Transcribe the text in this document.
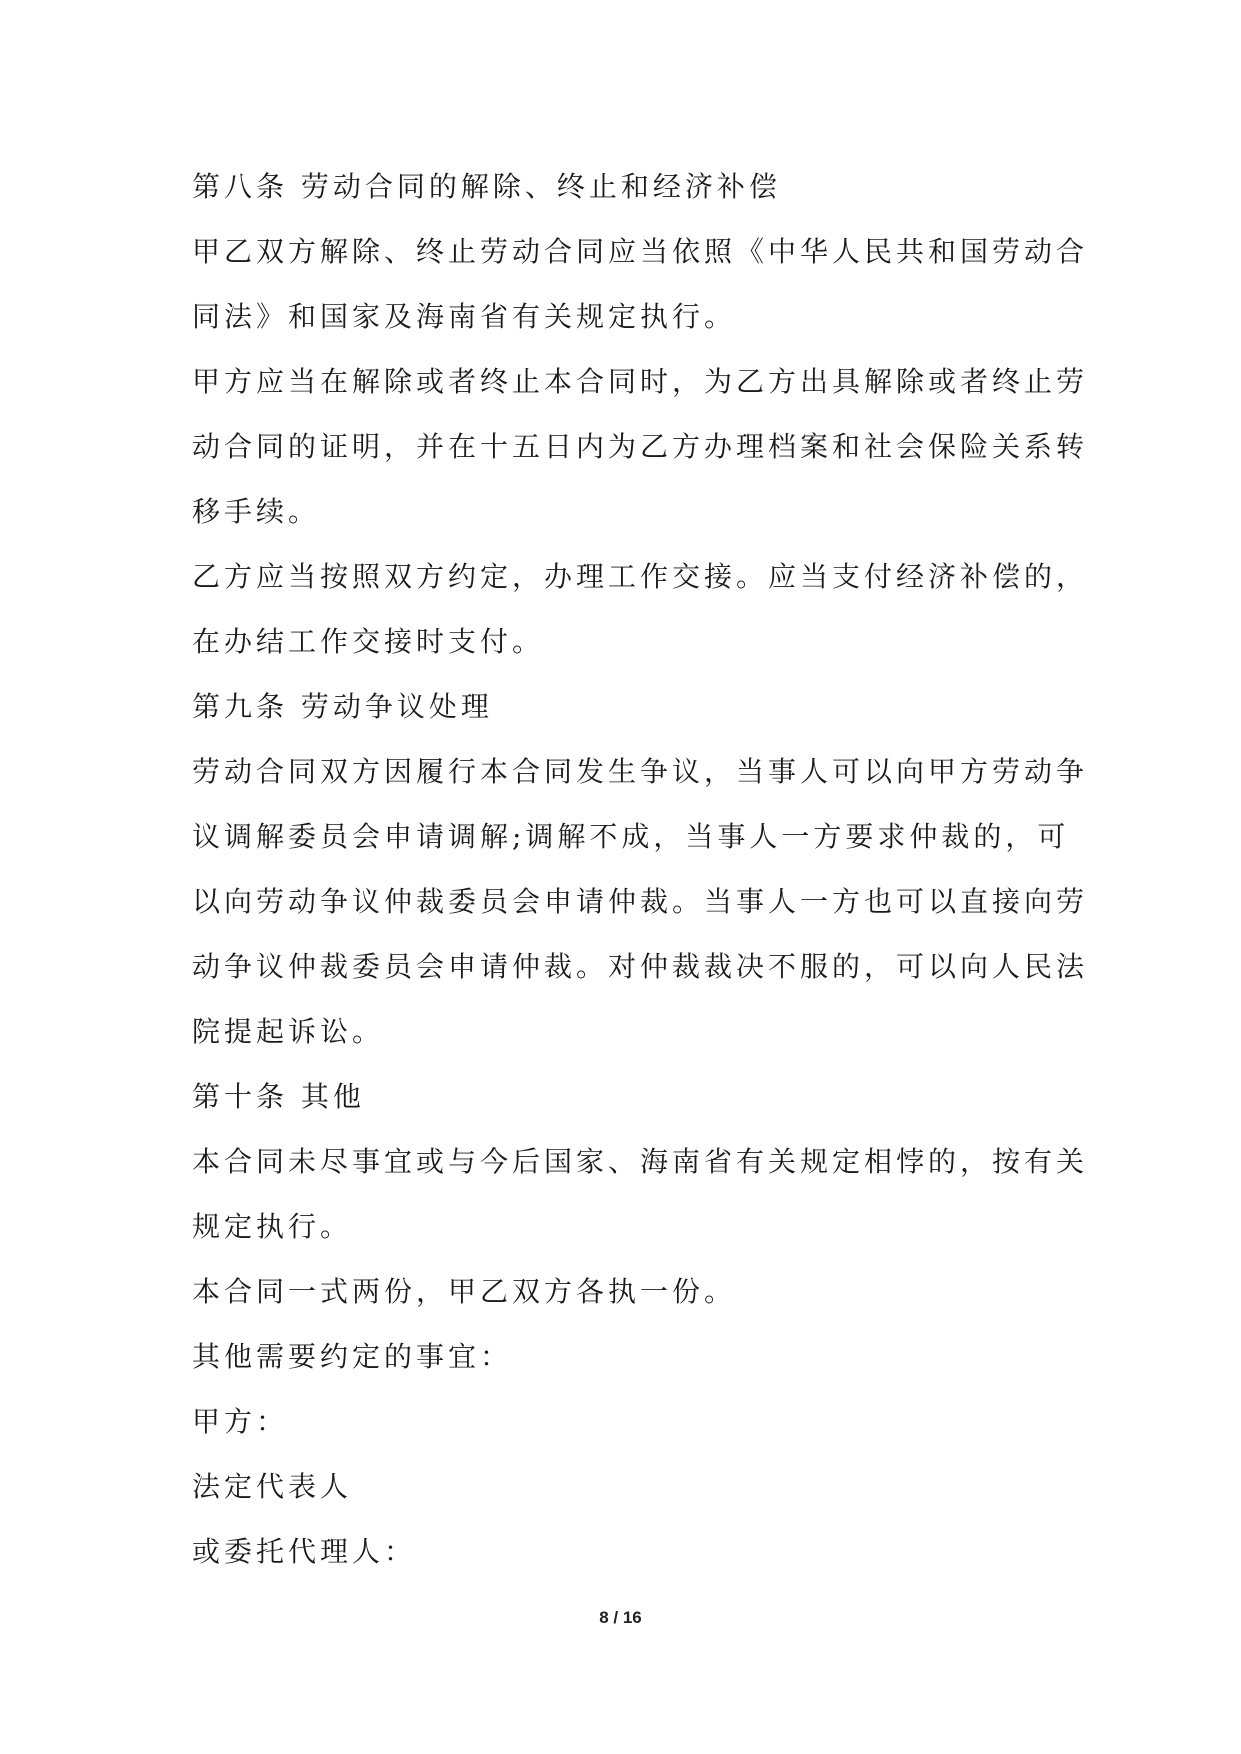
第八条 劳动合同的解除、终止和经济补偿
甲乙双方解除、终止劳动合同应当依照《中华人民共和国劳动合
同法》和国家及海南省有关规定执行。
甲方应当在解除或者终止本合同时，为乙方出具解除或者终止劳
动合同的证明，并在十五日内为乙方办理档案和社会保险关系转
移手续。
乙方应当按照双方约定，办理工作交接。应当支付经济补偿的，
在办结工作交接时支付。
第九条 劳动争议处理
劳动合同双方因履行本合同发生争议，当事人可以向甲方劳动争
议调解委员会申请调解;调解不成，当事人一方要求仲裁的，可
以向劳动争议仲裁委员会申请仲裁。当事人一方也可以直接向劳
动争议仲裁委员会申请仲裁。对仲裁裁决不服的，可以向人民法
院提起诉讼。
第十条 其他
本合同未尽事宜或与今后国家、海南省有关规定相悖的，按有关
规定执行。
本合同一式两份，甲乙双方各执一份。
其他需要约定的事宜：
甲方：
法定代表人
或委托代理人：
8 / 16
